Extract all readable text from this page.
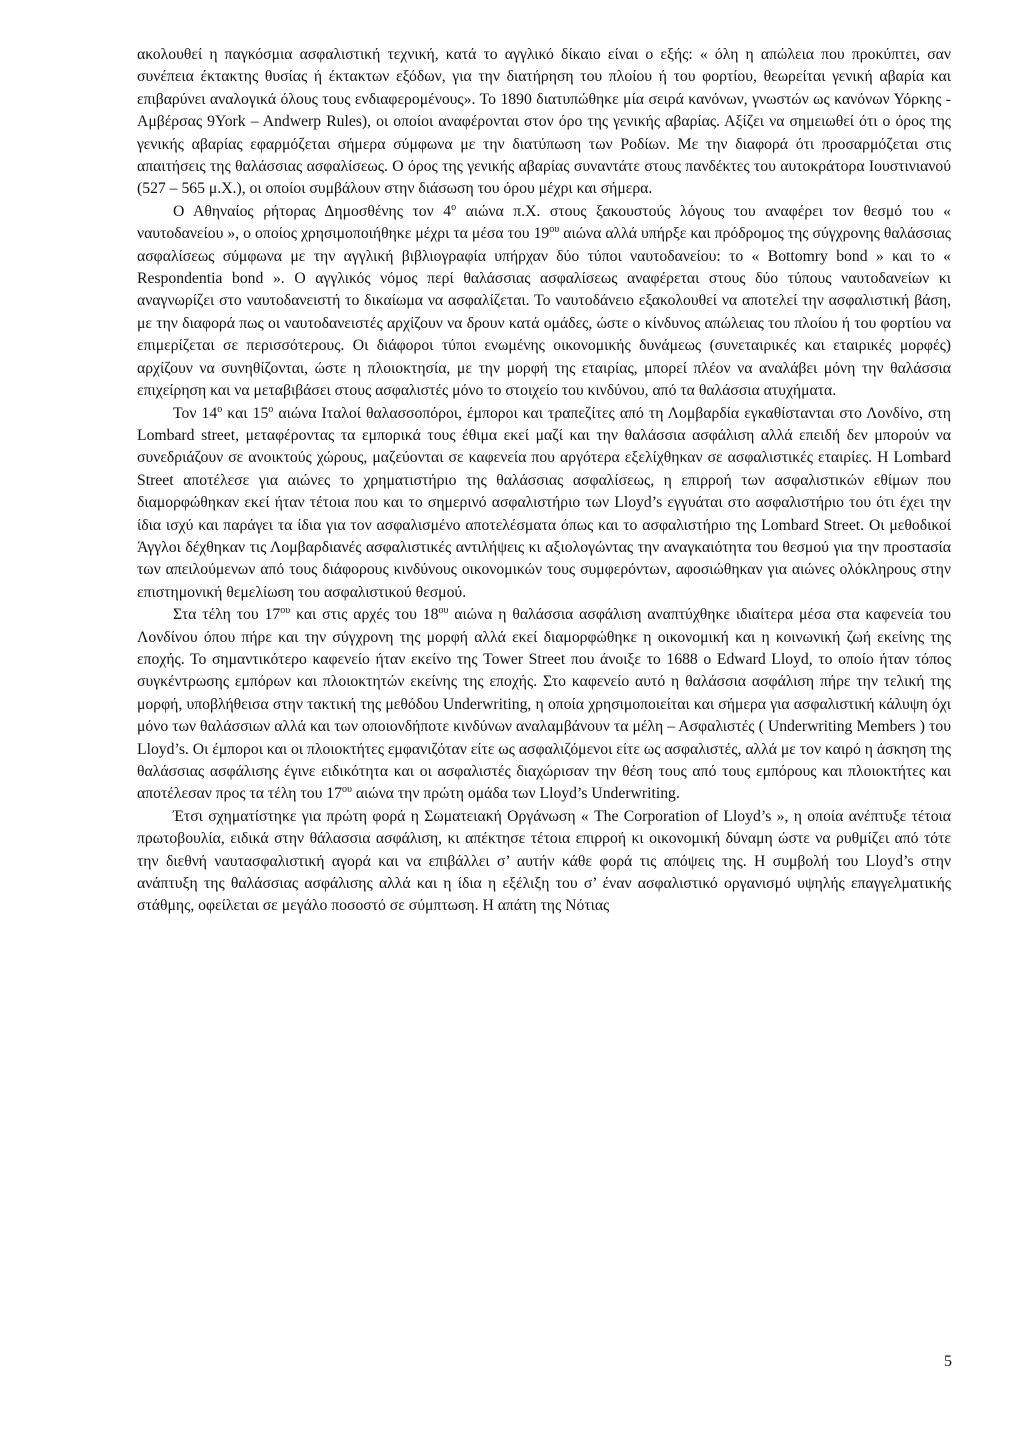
ακολουθεί η παγκόσμια ασφαλιστική τεχνική, κατά το αγγλικό δίκαιο είναι ο εξής: « όλη η απώλεια που προκύπτει, σαν συνέπεια έκτακτης θυσίας ή έκτακτων εξόδων, για την διατήρηση του πλοίου ή του φορτίου, θεωρείται γενική αβαρία και επιβαρύνει αναλογικά όλους τους ενδιαφερομένους». Το 1890 διατυπώθηκε μία σειρά κανόνων, γνωστών ως κανόνων Υόρκης - Αμβέρσας 9York – Andwerp Rules), οι οποίοι αναφέρονται στον όρο της γενικής αβαρίας. Αξίζει να σημειωθεί ότι ο όρος της γενικής αβαρίας εφαρμόζεται σήμερα σύμφωνα με την διατύπωση των Ροδίων. Με την διαφορά ότι προσαρμόζεται στις απαιτήσεις της θαλάσσιας ασφαλίσεως. Ο όρος της γενικής αβαρίας συναντάτε στους πανδέκτες του αυτοκράτορα Ιουστινιανού (527 – 565 μ.Χ.), οι οποίοι συμβάλουν στην διάσωση του όρου μέχρι και σήμερα.

Ο Αθηναίος ρήτορας Δημοσθένης τον $4^o$ αιώνα π.Χ. στους ξακουστούς λόγους του αναφέρει τον θεσμό του « ναυτοδανείου », ο οποίος χρησιμοποιήθηκε μέχρι τα μέσα του $19^{o\upsilon}$ αιώνα αλλά υπήρξε και πρόδρομος της σύγχρονης θαλάσσιας ασφαλίσεως σύμφωνα με την αγγλική βιβλιογραφία υπήρχαν δύο τύποι ναυτοδανείου: το « Bottomry bond » και το « Respondentia bond ». Ο αγγλικός νόμος περί θαλάσσιας ασφαλίσεως αναφέρεται στους δύο τύπους ναυτοδανείων κι αναγνωρίζει στο ναυτοδανειστή το δικαίωμα να ασφαλίζεται. Το ναυτοδάνειο εξακολουθεί να αποτελεί την ασφαλιστική βάση, με την διαφορά πως οι ναυτοδανειστές αρχίζουν να δρουν κατά ομάδες, ώστε ο κίνδυνος απώλειας του πλοίου ή του φορτίου να επιμερίζεται σε περισσότερους. Οι διάφοροι τύποι ενωμένης οικονομικής δυνάμεως (συνεταιρικές και εταιρικές μορφές) αρχίζουν να συνηθίζονται, ώστε η πλοιοκτησία, με την μορφή της εταιρίας, μπορεί πλέον να αναλάβει μόνη την θαλάσσια επιχείρηση και να μεταβιβάσει στους ασφαλιστές μόνο το στοιχείο του κινδύνου, από τα θαλάσσια ατυχήματα.

Τον $14^o$ και $15^o$ αιώνα Ιταλοί θαλασσοπόροι, έμποροι και τραπεζίτες από τη Λομβαρδία εγκαθίστανται στο Λονδίνο, στη Lombard street, μεταφέροντας τα εμπορικά τους έθιμα εκεί μαζί και την θαλάσσια ασφάλιση αλλά επειδή δεν μπορούν να συνεδριάζουν σε ανοικτούς χώρους, μαζεύονται σε καφενεία που αργότερα εξελίχθηκαν σε ασφαλιστικές εταιρίες. Η Lombard Street αποτέλεσε για αιώνες το χρηματιστήριο της θαλάσσιας ασφαλίσεως, η επιρροή των ασφαλιστικών εθίμων που διαμορφώθηκαν εκεί ήταν τέτοια που και το σημερινό ασφαλιστήριο των Lloyd’s εγγυάται στο ασφαλιστήριο του ότι έχει την ίδια ισχύ και παράγει τα ίδια για τον ασφαλισμένο αποτελέσματα όπως και το ασφαλιστήριο της Lombard Street. Οι μεθοδικοί Άγγλοι δέχθηκαν τις Λομβαρδιανές ασφαλιστικές αντιλήψεις κι αξιολογώντας την αναγκαιότητα του θεσμού για την προστασία των απειλούμενων από τους διάφορους κινδύνους οικονομικών τους συμφερόντων, αφοσιώθηκαν για αιώνες ολόκληρους στην επιστημονική θεμελίωση του ασφαλιστικού θεσμού.

Στα τέλη του $17^{o\upsilon}$ και στις αρχές του $18^{o\upsilon}$ αιώνα η θαλάσσια ασφάλιση αναπτύχθηκε ιδιαίτερα μέσα στα καφενεία του Λονδίνου όπου πήρε και την σύγχρονη της μορφή αλλά εκεί διαμορφώθηκε η οικονομική και η κοινωνική ζωή εκείνης της εποχής. Το σημαντικότερο καφενείο ήταν εκείνο της Tower Street που άνοιξε το 1688 ο Edward Lloyd, το οποίο ήταν τόπος συγκέντρωσης εμπόρων και πλοιοκτητών εκείνης της εποχής. Στο καφενείο αυτό η θαλάσσια ασφάλιση πήρε την τελική της μορφή, υποβλήθεισα στην τακτική της μεθόδου Underwriting, η οποία χρησιμοποιείται και σήμερα για ασφαλιστική κάλυψη όχι μόνο των θαλάσσιων αλλά και των οποιονδήποτε κινδύνων αναλαμβάνουν τα μέλη – Ασφαλιστές ( Underwriting Members ) του Lloyd’s. Οι έμποροι και οι πλοιοκτήτες εμφανιζόταν είτε ως ασφαλιζόμενοι είτε ως ασφαλιστές, αλλά με τον καιρό η άσκηση της θαλάσσιας ασφάλισης έγινε ειδικότητα και οι ασφαλιστές διαχώρισαν την θέση τους από τους εμπόρους και πλοιοκτήτες και αποτέλεσαν προς τα τέλη του $17^{o\upsilon}$ αιώνα την πρώτη ομάδα των Lloyd’s Underwriting.

Έτσι σχηματίστηκε για πρώτη φορά η Σωματειακή Οργάνωση « The Corporation of Lloyd’s », η οποία ανέπτυξε τέτοια πρωτοβουλία, ειδικά στην θάλασσια ασφάλιση, κι απέκτησε τέτοια επιρροή κι οικονομική δύναμη ώστε να ρυθμίζει από τότε την διεθνή ναυτασφαλιστική αγορά και να επιβάλλει σ’ αυτήν κάθε φορά τις απόψεις της. Η συμβολή του Lloyd’s στην ανάπτυξη της θαλάσσιας ασφάλισης αλλά και η ίδια η εξέλιξη του σ’ έναν ασφαλιστικό οργανισμό υψηλής επαγγελματικής στάθμης, οφείλεται σε μεγάλο ποσοστό σε σύμπτωση. Η απάτη της Νότιας

5
